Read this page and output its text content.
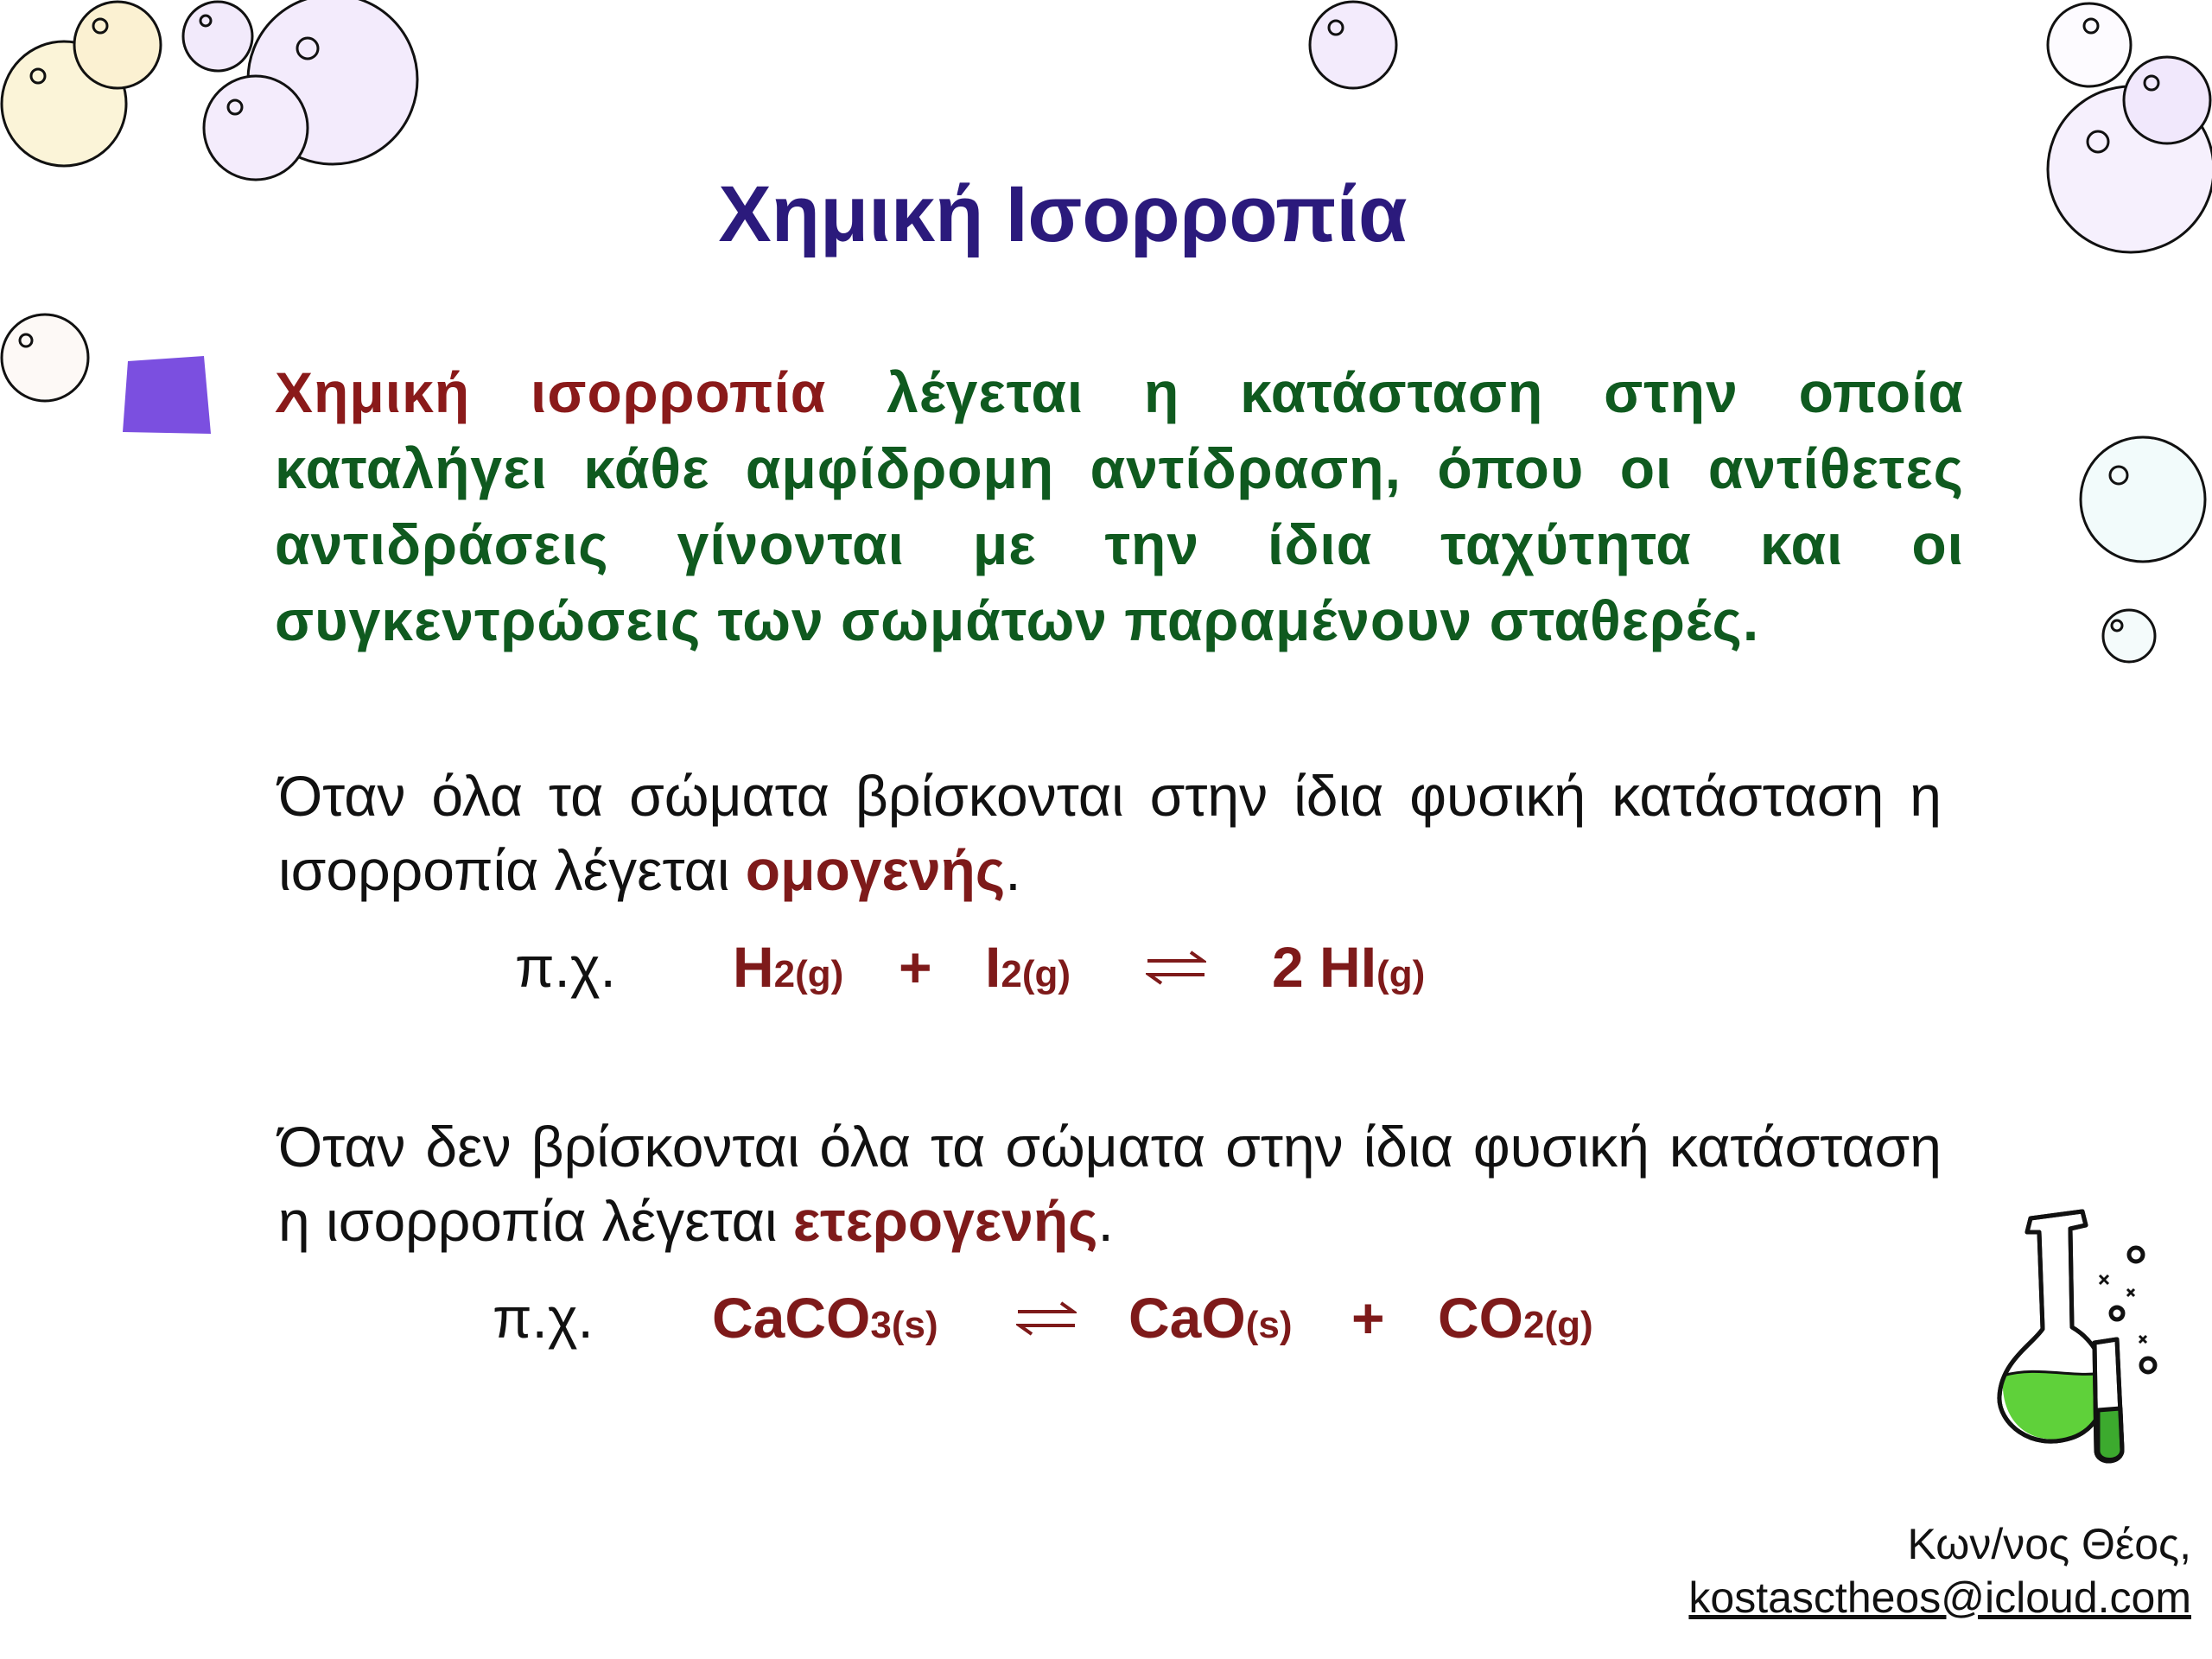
Χημική Ισορροπία
Χημική ισορροπία λέγεται η κατάσταση στην οποία καταλήγει κάθε αμφίδρομη αντίδραση, όπου οι αντίθετες αντιδράσεις γίνονται με την ίδια ταχύτητα και οι συγκεντρώσεις των σωμάτων παραμένουν σταθερές.
Όταν όλα τα σώματα βρίσκονται στην ίδια φυσική κατάσταση η ισορροπία λέγεται ομογενής.
π.χ. H2(g) + I2(g) ⇌ 2 HI(g)
Όταν δεν βρίσκονται όλα τα σώματα στην ίδια φυσική κατάσταση η ισορροπία λέγεται ετερογενής.
π.χ. CaCO3(s) ⇌ CaO(s) + CO2(g)
Κων/νος Θέος,
kostasctheos@icloud.com
